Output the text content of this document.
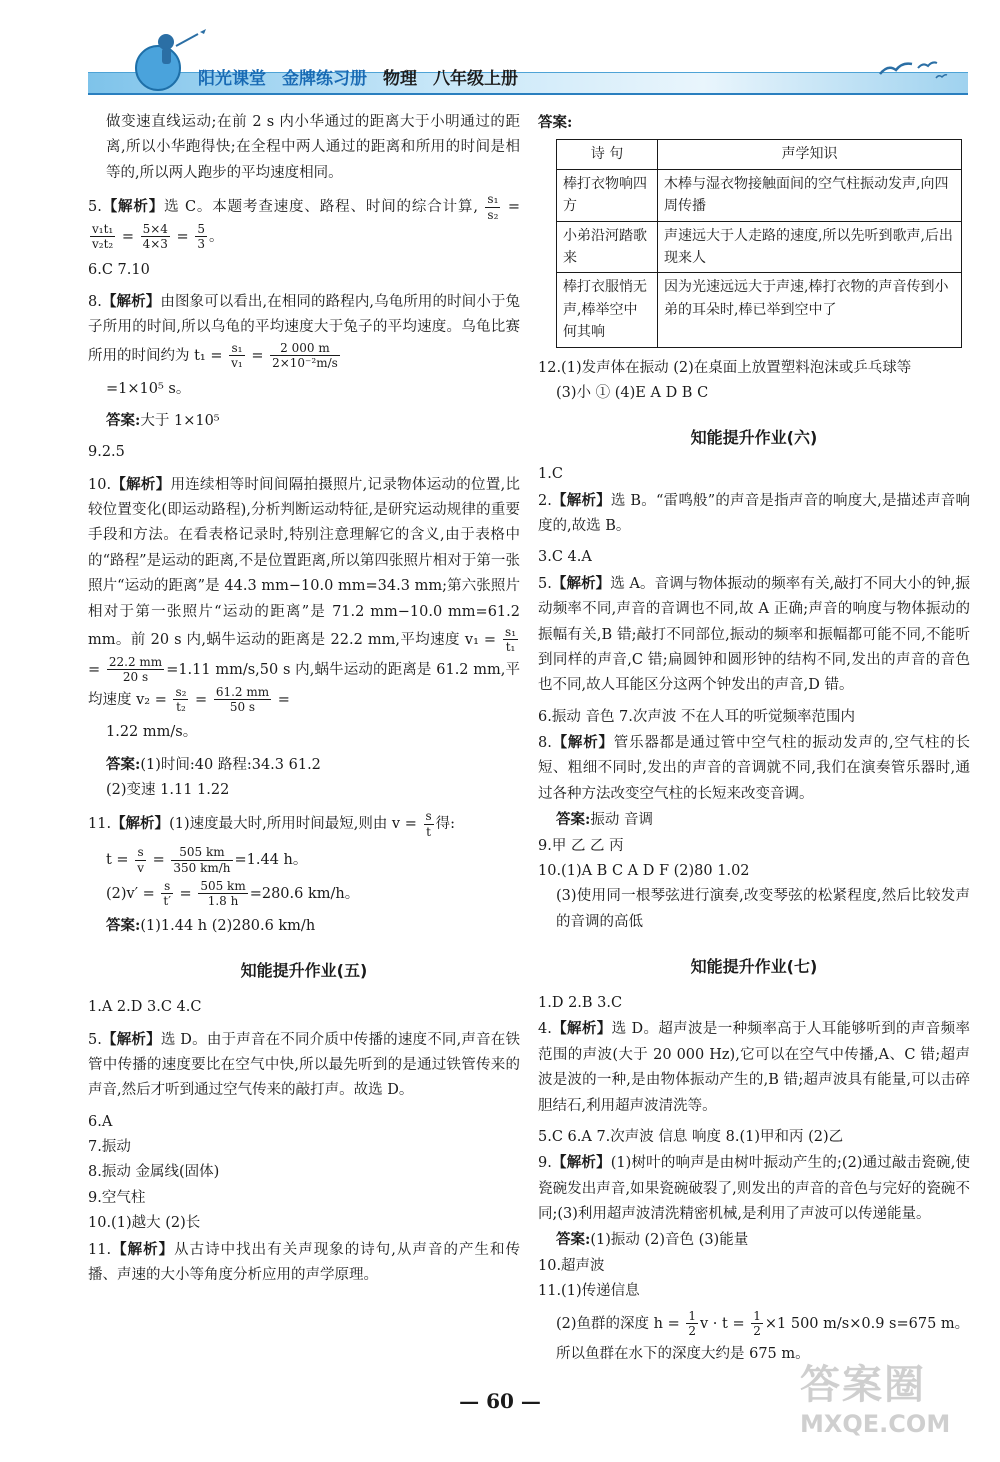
阳光课堂 金牌练习册 物理 八年级上册

做变速直线运动;在前 2 s 内小华通过的距离大于小明通过的距离,所以小华跑得快;在全程中两人通过的距离和所用的时间是相等的,所以两人跑步的平均速度相同。

5.【解析】选 C。本题考查速度、路程、时间的综合计算, $\frac{\text{s₁}}{\text{s₂}}$ =
$\frac{\text{v₁t₁}}{\text{v₂t₂}} = \frac{5\times 4}{4\times 3} = \frac{5}{3}$ 。

6.C 7.10

8.【解析】由图象可以看出,在相同的路程内,乌龟所用的时间小于兔子所用的时间,所以乌龟的平均速度大于兔子的平均速度。乌龟比赛所用的时间约为 $t_1 = \frac{\text{s₁}}{\text{v₁}} = \frac{2 000 m}{\text{2×10⁻²m/s}}$

=1×10⁵ s。

答案:大于 1×10⁵

9.2.5

10.【解析】用连续相等时间间隔拍摄照片,记录物体运动的位置,比较位置变化(即运动路程),分析判断运动特征,是研究运动规律的重要手段和方法。在看表格记录时,特别注意理解它的含义,由于表格中的“路程”是运动的距离,不是位置距离,所以第四张照片相对于第一张照片“运动的距离”是 44.3 mm−10.0 mm=34.3 mm;第六张照片相对于第一张照片“运动的距离”是 71.2 mm−10.0 mm=61.2 mm。前 20 s 内,蜗牛运动的距离是 22.2 mm,平均速度 $v_1 = \frac{\text{s₁}}{\text{t₁}}$
= $\frac{22.2 mm}{20 s} =1.11$ mm/s,50 s 内,蜗牛运动的距离是 61.2 mm,平均速度 $v_2 = \frac{\text{s₂}}{\text{t₂}} = \frac{61.2 mm}{50 s}$ =

1.22 mm/s。

答案:(1)时间:40 路程:34.3 61.2

(2)变速 1.11 1.22

11.【解析】(1)速度最大时,所用时间最短,则由 $v = \frac{s}{t}$ 得:

$t = \frac{s}{v} = \frac{505 km}{350 km/h} =1.44$ h。

$(2)v' = \frac{s}{t'} = \frac{505 km}{1.8 h} =280.6$ km/h。

答案:(1)1.44 h (2)280.6 km/h

知能提升作业(五)

1.A 2.D 3.C 4.C

5.【解析】选 D。由于声音在不同介质中传播的速度不同,声音在铁管中传播的速度要比在空气中快,所以最先听到的是通过铁管传来的声音,然后才听到通过空气传来的敲打声。故选 D。

6.A

7.振动

8.振动 金属线(固体)

9.空气柱

10.(1)越大 (2)长

11.【解析】从古诗中找出有关声现象的诗句,从声音的产生和传播、声速的大小等角度分析应用的声学原理。

答案:

诗 句	声学知识
棒打衣物响四方	木棒与湿衣物接触面间的空气柱振动发声,向四周传播
小弟沿河踏歌来	声速远大于人走路的速度,所以先听到歌声,后出现来人
棒打衣服悄无声,棒举空中何其响	因为光速远远大于声速,棒打衣物的声音传到小弟的耳朵时,棒已举到空中了

12.(1)发声体在振动 (2)在桌面上放置塑料泡沫或乒乓球等

(3)小 ① (4)E A D B C

知能提升作业(六)

1.C

2.【解析】选 B。“雷鸣般”的声音是指声音的响度大,是描述声音响度的,故选 B。

3.C 4.A

5.【解析】选 A。音调与物体振动的频率有关,敲打不同大小的钟,振动频率不同,声音的音调也不同,故 A 正确;声音的响度与物体振动的振幅有关,B 错;敲打不同部位,振动的频率和振幅都可能不同,不能听到同样的声音,C 错;扁圆钟和圆形钟的结构不同,发出的声音的音色也不同,故人耳能区分这两个钟发出的声音,D 错。

6.振动 音色 7.次声波 不在人耳的听觉频率范围内

8.【解析】管乐器都是通过管中空气柱的振动发声的,空气柱的长短、粗细不同时,发出的声音的音调就不同,我们在演奏管乐器时,通过各种方法改变空气柱的长短来改变音调。

答案:振动 音调

9.甲 乙 乙 丙

10.(1)A B C A D F (2)80 1.02

(3)使用同一根琴弦进行演奏,改变琴弦的松紧程度,然后比较发声的音调的高低

知能提升作业(七)

1.D 2.B 3.C

4.【解析】选 D。超声波是一种频率高于人耳能够听到的声音频率范围的声波(大于 20 000 Hz),它可以在空气中传播,A、C 错;超声波是波的一种,是由物体振动产生的,B 错;超声波具有能量,可以击碎胆结石,利用超声波清洗等。

5.C 6.A 7.次声波 信息 响度 8.(1)甲和丙 (2)乙

9.【解析】(1)树叶的响声是由树叶振动产生的;(2)通过敲击瓷碗,使瓷碗发出声音,如果瓷碗破裂了,则发出的声音的音色与完好的瓷碗不同;(3)利用超声波清洗精密机械,是利用了声波可以传递能量。

答案:(1)振动 (2)音色 (3)能量

10.超声波

11.(1)传递信息

(2)鱼群的深度 $h = \frac{1}{2}$ $v \cdot t = \frac{1}{2} \times 1$ 500 m/s×0.9 s=675 m。

所以鱼群在水下的深度大约是 675 m。

— 60 —	答案圈
MXQE.COM
